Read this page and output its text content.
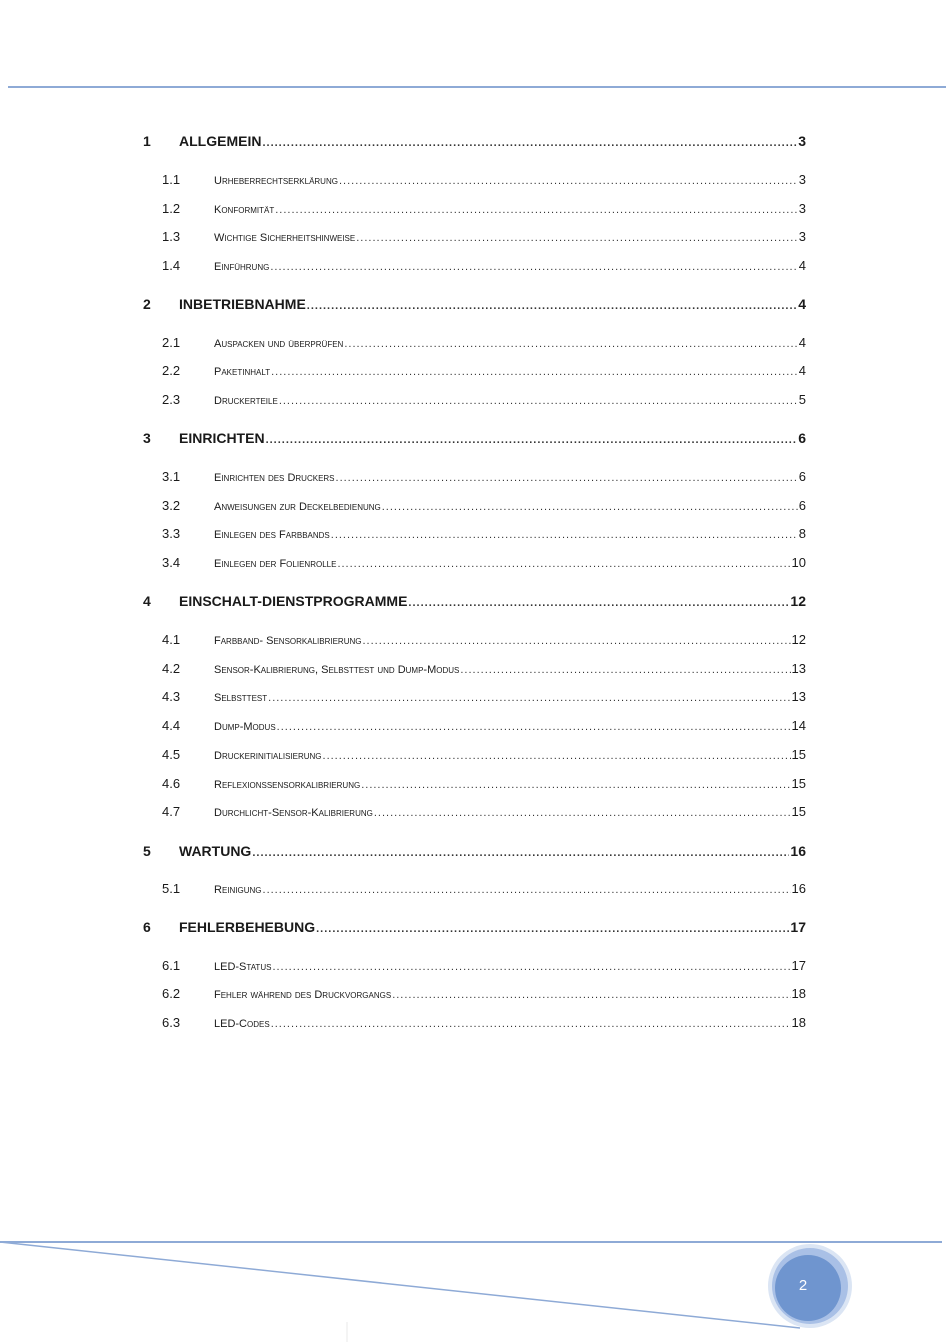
1	ALLGEMEIN .....	3
1.1	Urheberrechtserklärung .....	3
1.2	Konformität .....	3
1.3	Wichtige Sicherheitshinweise .....	3
1.4	Einführung .....	4
2	INBETRIEBNAHME .....	4
2.1	Auspacken und überprüfen .....	4
2.2	Paketinhalt .....	4
2.3	Druckerteile .....	5
3	EINRICHTEN .....	6
3.1	Einrichten des Druckers .....	6
3.2	Anweisungen zur Deckelbedienung .....	6
3.3	Einlegen des Farbbands .....	8
3.4	Einlegen der Folienrolle .....	10
4	EINSCHALT-DIENSTPROGRAMME .....	12
4.1	Farbband- Sensorkalibrierung .....	12
4.2	Sensor-Kalibrierung, Selbsttest und Dump-Modus .....	13
4.3	Selbsttest .....	13
4.4	Dump-Modus .....	14
4.5	Druckerinitialisierung .....	15
4.6	Reflexionssensorkalibrierung .....	15
4.7	Durchlicht-Sensor-Kalibrierung .....	15
5	WARTUNG .....	16
5.1	Reinigung .....	16
6	FEHLERBEHEBUNG .....	17
6.1	LED-Status .....	17
6.2	Fehler während des Druckvorgangs .....	18
6.3	LED-Codes .....	18
2
